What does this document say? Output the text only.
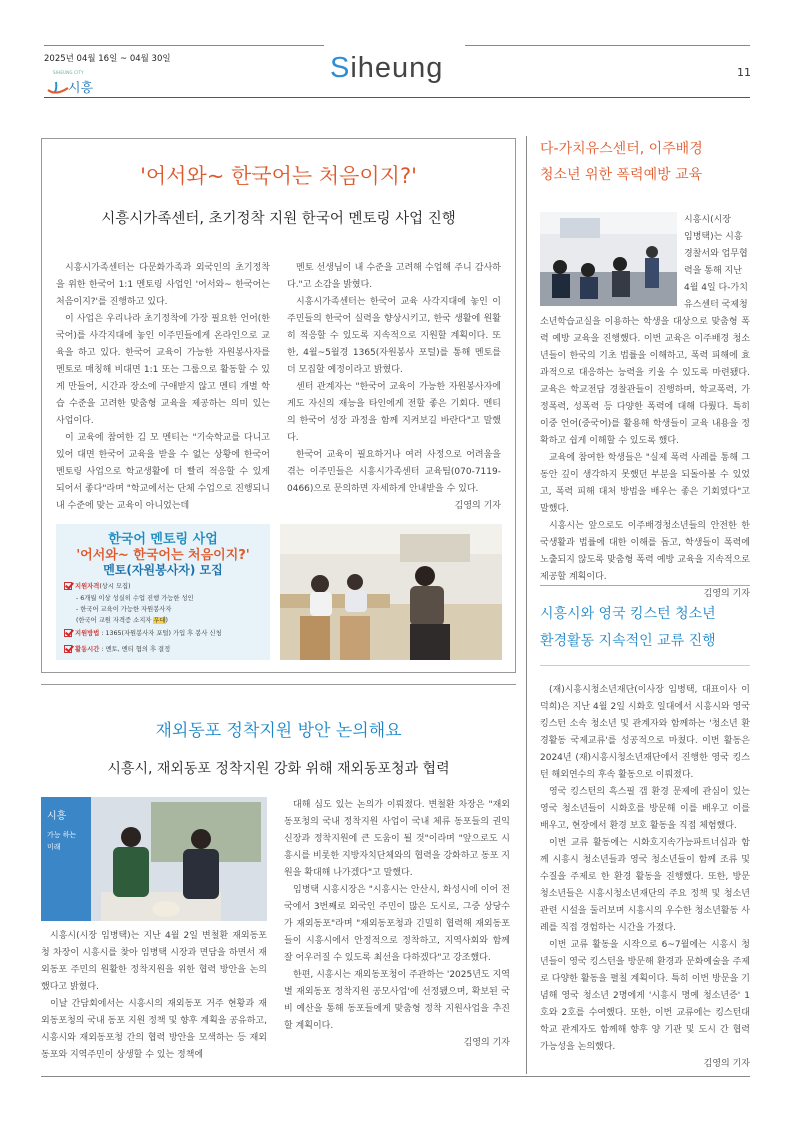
2025년 04월 16일 ~ 04월 30일	Siheung	11
SIHEUNG CITY
시흥
'어서와~ 한국어는 처음이지?'
시흥시가족센터, 초기정착 지원 한국어 멘토링 사업 진행

시흥시가족센터는 다문화가족과 외국인의 초기정착을 위한 한국어 1:1 멘토링 사업인 '어서와~ 한국어는 처음이지?'를 진행하고 있다.

이 사업은 우리나라 초기정착에 가장 필요한 언어(한국어)를 사각지대에 놓인 이주민들에게 온라인으로 교육을 하고 있다. 한국어 교육이 가능한 자원봉사자를 멘토로 매칭해 비대면 1:1 또는 그룹으로 활동할 수 있게 만들어, 시간과 장소에 구애받지 않고 멘티 개별 학습 수준을 고려한 맞춤형 교육을 제공하는 의미 있는 사업이다.

이 교육에 참여한 김 모 멘티는 "기숙학교를 다니고 있어 대면 한국어 교육을 받을 수 없는 상황에 한국어 멘토링 사업으로 학교생활에 더 빨리 적응할 수 있게 되어서 좋다"라며 "학교에서는 단체 수업으로 진행되니 내 수준에 맞는 교육이 아니었는데

멘토 선생님이 내 수준을 고려해 수업해 주니 감사하다."고 소감을 밝혔다.

시흥시가족센터는 한국어 교육 사각지대에 놓인 이주민들의 한국어 실력을 향상시키고, 한국 생활에 원활히 적응할 수 있도록 지속적으로 지원할 계획이다. 또한, 4월~5월경 1365(자원봉사 포털)를 통해 멘토를 더 모집할 예정이라고 밝혔다.

센터 관계자는 "한국어 교육이 가능한 자원봉사자에게도 자신의 재능을 타인에게 전할 좋은 기회다. 멘티의 한국어 성장 과정을 함께 지켜보길 바란다"고 말했다.

한국어 교육이 필요하거나 여러 사정으로 어려움을 겪는 이주민들은 시흥시가족센터 교육팀(070-7119-0466)으로 문의하면 자세하게 안내받을 수 있다.

김영의 기자

한국어 멘토링 사업
'어서와~ 한국어는 처음이지?'
멘토(자원봉사자) 모집
지원자격(상시 모집)
- 6개월 이상 성실히 수업 진행 가능한 성인
- 한국어 교육이 가능한 자원봉사자
(한국어 교원 자격증 소지자 우대)
지원방법 : 1365(자원봉사자 포털) 가입 후 봉사 신청
활동시간 : 멘토, 멘티 협의 후 결정
재외동포 정착지원 방안 논의해요
시흥시, 재외동포 정착지원 강화 위해 재외동포청과 협력
시흥
가능 하는
미래

시흥시(시장 임병택)는 지난 4월 2일 변철환 재외동포청 차장이 시흥시를 찾아 임병택 시장과 면담을 하면서 재외동포 주민의 원활한 정착지원을 위한 협력 방안을 논의했다고 밝혔다.

이날 간담회에서는 시흥시의 재외동포 거주 현황과 재외동포청의 국내 동포 지원 정책 및 향후 계획을 공유하고, 시흥시와 재외동포청 간의 협력 방안을 모색하는 등 재외동포와 지역주민이 상생할 수 있는 정책에

대해 심도 있는 논의가 이뤄졌다. 변철환 차장은 "재외동포청의 국내 정착지원 사업이 국내 체류 동포들의 권익 신장과 정착지원에 큰 도움이 될 것"이라며 "앞으로도 시흥시를 비롯한 지방자치단체와의 협력을 강화하고 동포 지원을 확대해 나가겠다"고 말했다.

임병택 시흥시장은 "시흥시는 안산시, 화성시에 이어 전국에서 3번째로 외국인 주민이 많은 도시로, 그중 상당수가 재외동포"라며 "재외동포청과 긴밀히 협력해 재외동포들이 시흥시에서 안정적으로 정착하고, 지역사회와 함께 잘 어우러질 수 있도록 최선을 다하겠다"고 강조했다.

한편, 시흥시는 재외동포청이 주관하는 '2025년도 지역별 재외동포 정착지원 공모사업'에 선정됐으며, 확보된 국비 예산을 통해 동포들에게 맞춤형 정착 지원사업을 추진할 계획이다.

김영의 기자

다-가치유스센터, 이주배경
청소년 위한 폭력예방 교육
시흥시(시장
임병택)는 시흥
경찰서와 업무협
력을 통해 지난
4월 4일 다-가치
유스센터 국제청

소년학습교실을 이용하는 학생을 대상으로 맞춤형 폭력 예방 교육을 진행했다. 이번 교육은 이주배경 청소년들이 한국의 기초 법률을 이해하고, 폭력 피해에 효과적으로 대응하는 능력을 키울 수 있도록 마련됐다. 교육은 학교전담 경찰관들이 진행하며, 학교폭력, 가정폭력, 성폭력 등 다양한 폭력에 대해 다뤘다. 특히 이중 언어(중국어)를 활용해 학생들이 교육 내용을 정확하고 쉽게 이해할 수 있도록 했다.

교육에 참여한 학생들은 "실제 폭력 사례를 통해 그동안 깊이 생각하지 못했던 부분을 되돌아볼 수 있었고, 폭력 피해 대처 방법을 배우는 좋은 기회였다"고 말했다.

시흥시는 앞으로도 이주배경청소년들의 안전한 한국생활과 법률에 대한 이해를 돕고, 학생들이 폭력에 노출되지 않도록 맞춤형 폭력 예방 교육을 지속적으로 제공할 계획이다.

김영의 기자

시흥시와 영국 킹스턴 청소년
환경활동 지속적인 교류 진행

(재)시흥시청소년재단(이사장 임병택, 대표이사 이덕희)은 지난 4월 2일 시화호 일대에서 시흥시와 영국 킹스턴 소속 청소년 및 관계자와 함께하는 '청소년 환경활동 국제교류'를 성공적으로 마쳤다. 이번 활동은 2024년 (재)시흥시청소년재단에서 진행한 영국 킹스턴 해외연수의 후속 활동으로 이뤄졌다.

영국 킹스턴의 흑스필 갭 환경 문제에 관심이 있는 영국 청소년들이 시화호를 방문해 이를 배우고 이를 배우고, 현장에서 환경 보호 활동을 직접 체험했다.

이번 교류 활동에는 시화호지속가능파트너십과 함께 시흥시 청소년들과 영국 청소년들이 함께 조류 및 수질을 주제로 한 환경 활동을 진행했다. 또한, 방문 청소년들은 시흥시청소년재단의 주요 정책 및 청소년 관련 시설을 둘러보며 시흥시의 우수한 청소년활동 사례를 직접 경험하는 시간을 가졌다.

이번 교류 활동을 시작으로 6~7월에는 시흥시 청년들이 영국 킹스턴을 방문해 환경과 문화예술을 주제로 다양한 활동을 펼칠 계획이다. 특히 이번 방문을 기념해 영국 청소년 2명에게 '시흥시 명예 청소년증' 1호와 2호를 수여했다. 또한, 이번 교류에는 킹스턴대학교 관계자도 함께해 향후 양 기관 및 도시 간 협력 가능성을 논의했다.

김영의 기자
